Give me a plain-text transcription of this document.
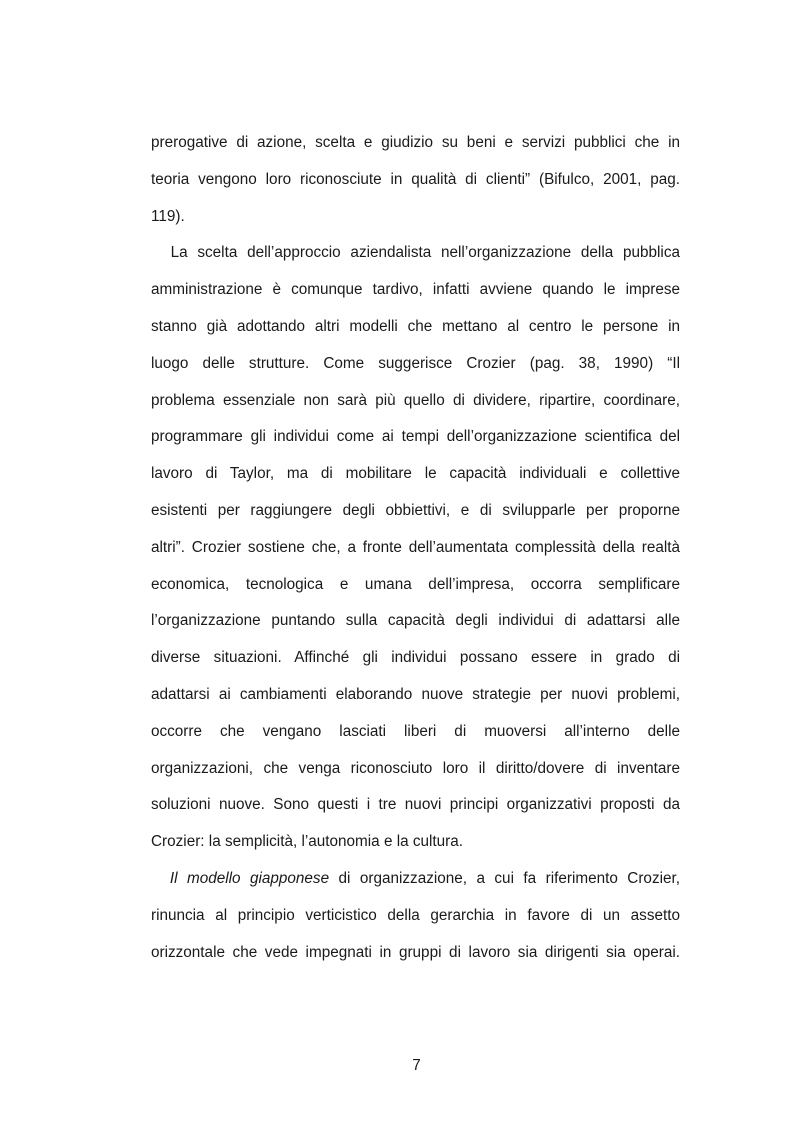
prerogative di azione, scelta e giudizio su beni e servizi pubblici che in
teoria vengono loro riconosciute in qualità di clienti” (Bifulco, 2001, pag.
119).
La scelta dell’approccio aziendalista nell’organizzazione della pubblica
amministrazione è comunque tardivo, infatti avviene quando le imprese
stanno già adottando altri modelli che mettano al centro le persone in
luogo delle strutture. Come suggerisce Crozier (pag. 38, 1990) “Il
problema essenziale non sarà più quello di dividere, ripartire, coordinare,
programmare gli individui come ai tempi dell’organizzazione scientifica del
lavoro di Taylor, ma di mobilitare le capacità individuali e collettive
esistenti per raggiungere degli obbiettivi, e di svilupparle per proporne
altri”. Crozier sostiene che, a fronte dell’aumentata complessità della realtà
economica, tecnologica e umana dell’impresa, occorra semplificare
l’organizzazione puntando sulla capacità degli individui di adattarsi alle
diverse situazioni. Affinché gli individui possano essere in grado di
adattarsi ai cambiamenti elaborando nuove strategie per nuovi problemi,
occorre che vengano lasciati liberi di muoversi all’interno delle
organizzazioni, che venga riconosciuto loro il diritto/dovere di inventare
soluzioni nuove. Sono questi i tre nuovi principi organizzativi proposti da
Crozier: la semplicità, l’autonomia e la cultura.
Il modello giapponese di organizzazione, a cui fa riferimento Crozier,
rinuncia al principio verticistico della gerarchia in favore di un assetto
orizzontale che vede impegnati in gruppi di lavoro sia dirigenti sia operai.
7
